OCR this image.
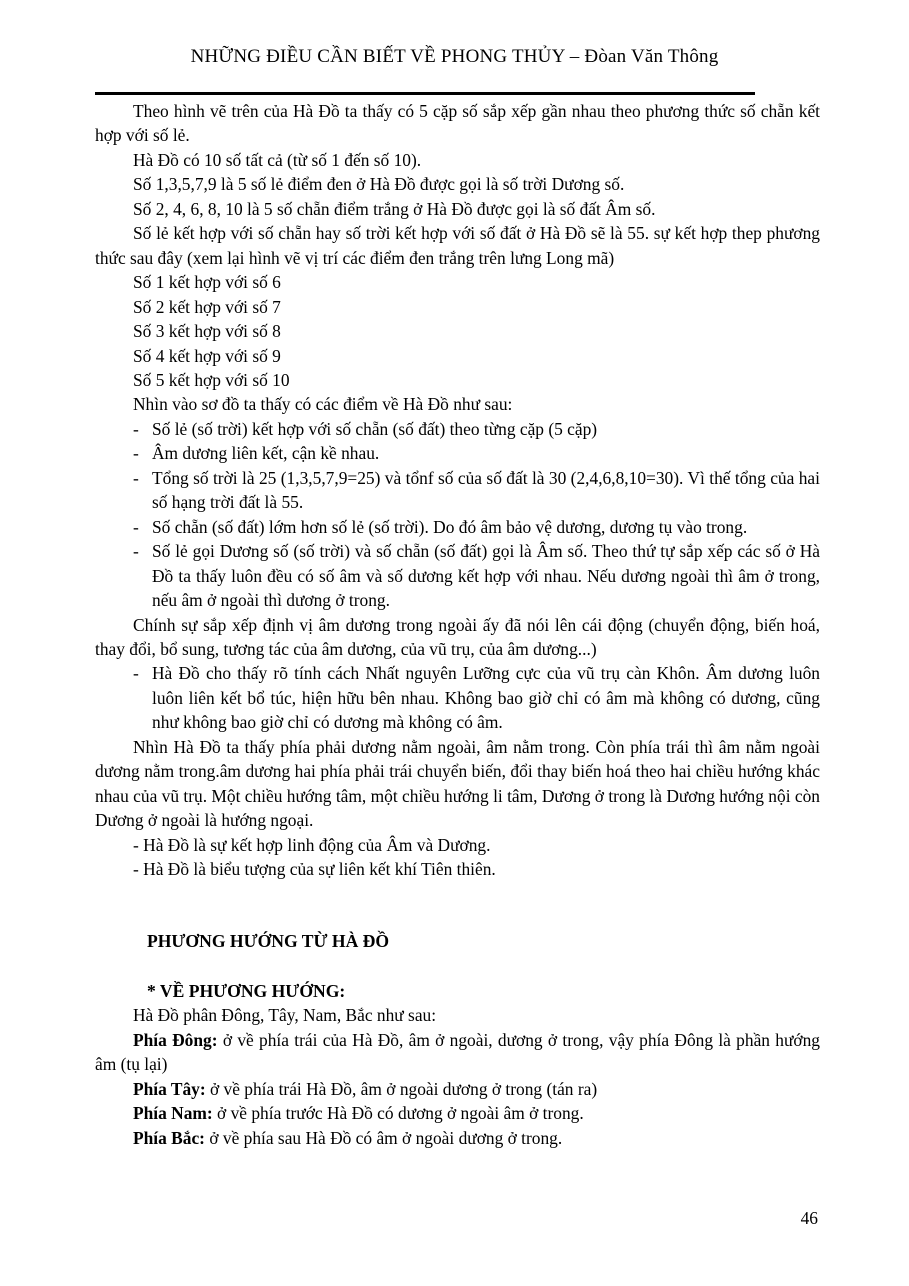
NHỮNG ĐIỀU CẦN BIẾT VỀ PHONG THỦY – Đòan Văn Thông

Theo hình vẽ trên của Hà Đồ ta thấy có 5 cặp số sắp xếp gần nhau theo phương thức số chẵn kết hợp với số lẻ.

Hà Đồ có 10 số tất cả (từ số 1 đến số 10).

Số 1,3,5,7,9 là 5 số lẻ điểm đen ở Hà Đồ được gọi là số trời Dương số.

Số 2, 4, 6, 8, 10 là 5 số chẵn điểm trắng ở Hà Đồ được gọi là số đất Âm số.

Số lẻ kết hợp với số chẵn hay số trời kết hợp với số đất ở Hà Đồ sẽ là 55. sự kết hợp thep phương thức sau đây (xem lại hình vẽ vị trí các điểm đen trắng trên lưng Long mã)

Số 1 kết hợp với số 6

Số 2 kết hợp với số 7

Số 3 kết hợp với số 8

Số 4 kết hợp với số 9

Số 5 kết hợp với số 10

Nhìn vào sơ đồ ta thấy có các điểm về Hà Đồ như sau:

- Số lẻ (số trời) kết hợp với số chẵn (số đất) theo từng cặp (5 cặp)
- Âm dương liên kết, cận kề nhau.
- Tổng số trời là 25 (1,3,5,7,9=25) và tổnf số của số đất là 30 (2,4,6,8,10=30). Vì thế tổng của hai số hạng trời đất là 55.
- Số chẵn (số đất) lớm hơn số lẻ (số trời). Do đó âm bảo vệ dương, dương tụ vào trong.
- Số lẻ gọi Dương số (số trời) và số chẵn (số đất) gọi là Âm số. Theo thứ tự sắp xếp các số ở Hà Đồ ta thấy luôn đều có số âm và số dương kết hợp với nhau. Nếu dương ngoài thì âm ở trong, nếu âm ở ngoài thì dương ở trong.

Chính sự sắp xếp định vị âm dương trong ngoài ấy đã nói lên cái động (chuyển động, biến hoá, thay đổi, bổ sung, tương tác của âm dương, của vũ trụ, của âm dương...)

- Hà Đồ cho thấy rõ tính cách Nhất nguyên Lưỡng cực của vũ trụ càn Khôn. Âm dương luôn luôn liên kết bổ túc, hiện hữu bên nhau. Không bao giờ chỉ có âm mà không có dương, cũng như không bao giờ chỉ có dương mà không có âm.

Nhìn Hà Đồ ta thấy phía phải dương nằm ngoài, âm nằm trong. Còn phía trái thì âm nằm ngoài dương nằm trong.âm dương hai phía phải trái chuyển biến, đổi thay biến hoá theo hai chiều hướng khác nhau của vũ trụ. Một chiều hướng tâm, một chiều hướng li tâm, Dương ở trong là Dương hướng nội còn Dương ở ngoài là hướng ngoại.

- Hà Đồ là sự kết hợp linh động của Âm và Dương.

- Hà Đồ là biểu tượng của sự liên kết khí Tiên thiên.

PHƯƠNG HƯỚNG TỪ HÀ ĐỒ

* VỀ PHƯƠNG HƯỚNG:

Hà Đồ phân Đông, Tây, Nam, Bắc như sau:

Phía Đông: ở về phía trái của Hà Đồ, âm ở ngoài, dương ở trong, vậy phía Đông là phần hướng âm (tụ lại)

Phía Tây: ở về phía trái Hà Đồ, âm ở ngoài dương ở trong (tán ra)

Phía Nam: ở về phía trước Hà Đồ có dương ở ngoài âm ở trong.

Phía Bắc: ở về phía sau Hà Đồ có âm ở ngoài dương ở trong.

46
